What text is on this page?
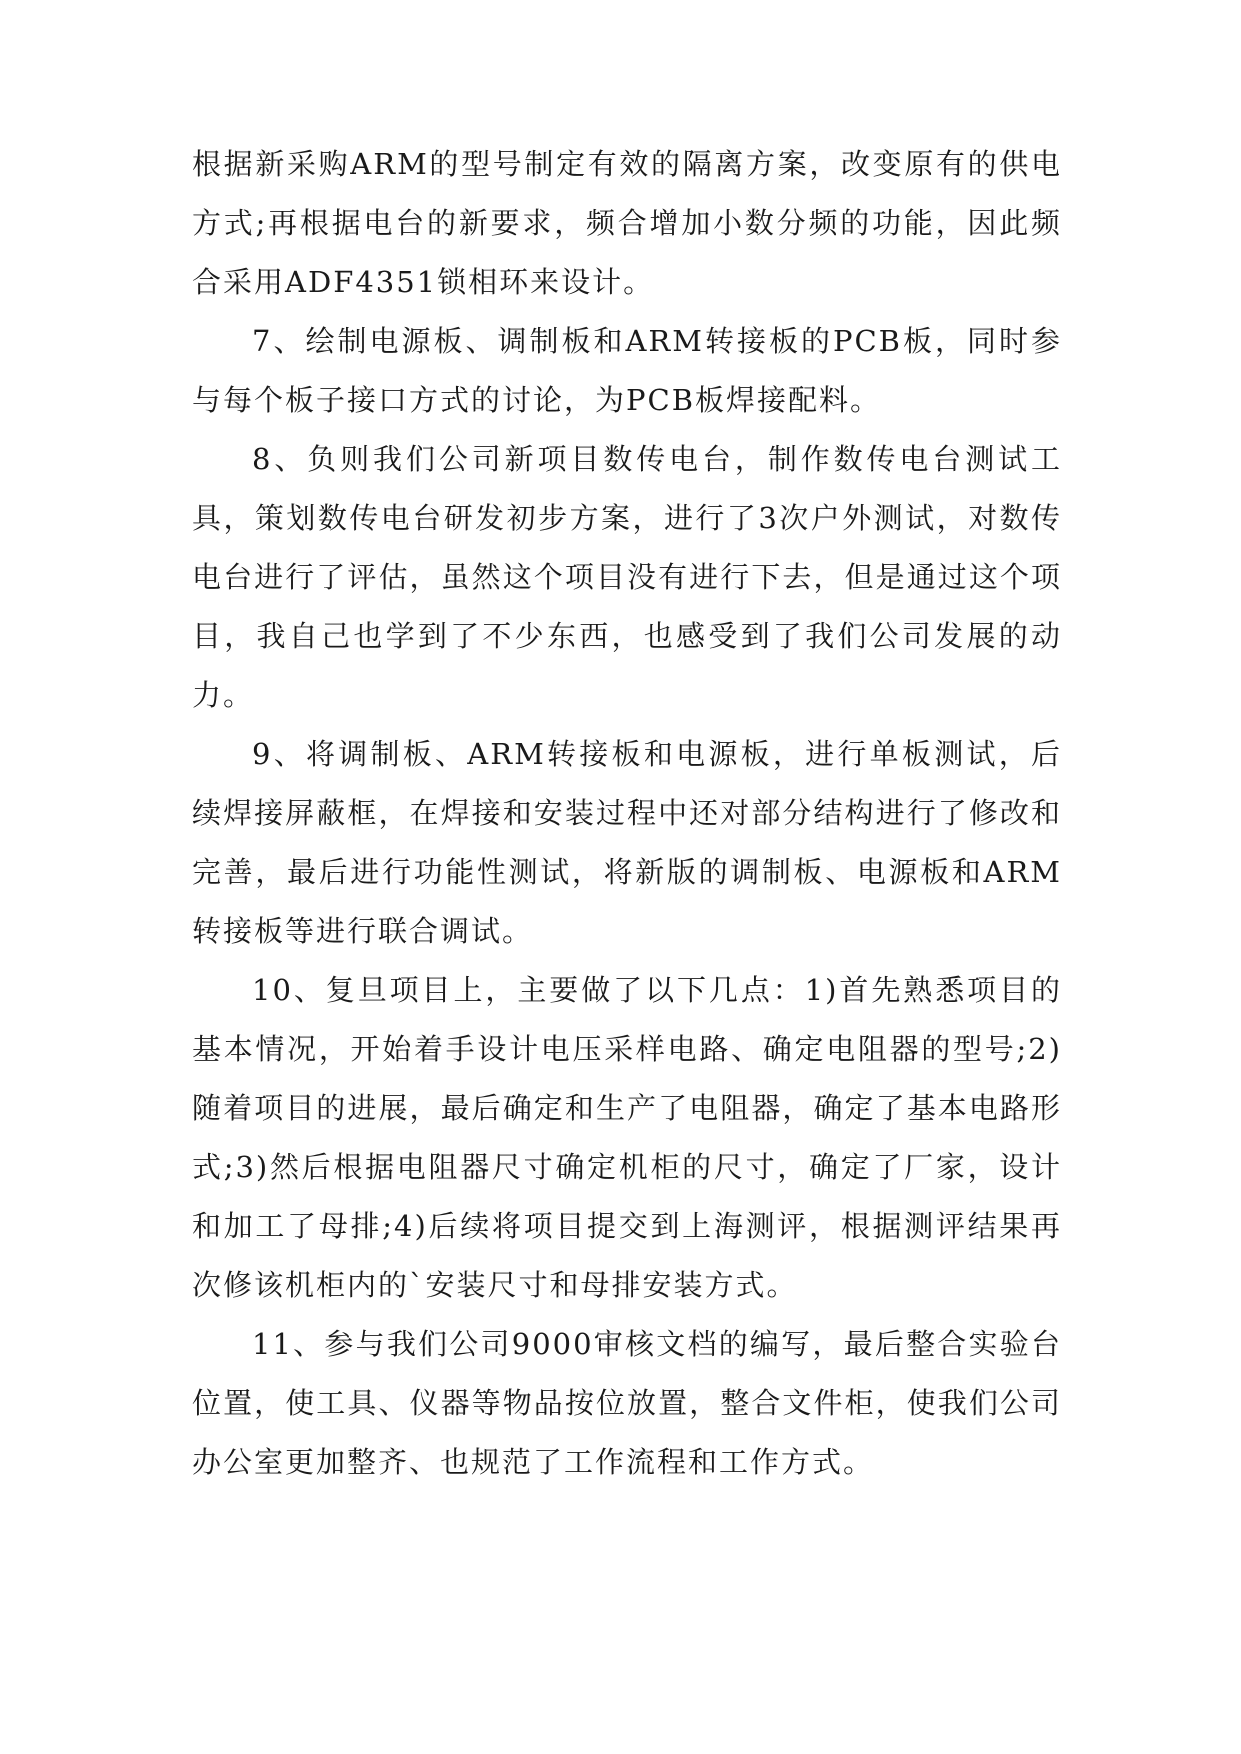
根据新采购ARM的型号制定有效的隔离方案，改变原有的供电方式;再根据电台的新要求，频合增加小数分频的功能，因此频合采用ADF4351锁相环来设计。

7、绘制电源板、调制板和ARM转接板的PCB板，同时参与每个板子接口方式的讨论，为PCB板焊接配料。

8、负则我们公司新项目数传电台，制作数传电台测试工具，策划数传电台研发初步方案，进行了3次户外测试，对数传电台进行了评估，虽然这个项目没有进行下去，但是通过这个项目，我自己也学到了不少东西，也感受到了我们公司发展的动力。

9、将调制板、ARM转接板和电源板，进行单板测试，后续焊接屏蔽框，在焊接和安装过程中还对部分结构进行了修改和完善，最后进行功能性测试，将新版的调制板、电源板和ARM转接板等进行联合调试。

10、复旦项目上，主要做了以下几点：1)首先熟悉项目的基本情况，开始着手设计电压采样电路、确定电阻器的型号;2)随着项目的进展，最后确定和生产了电阻器，确定了基本电路形式;3)然后根据电阻器尺寸确定机柜的尺寸，确定了厂家，设计和加工了母排;4)后续将项目提交到上海测评，根据测评结果再次修该机柜内的`安装尺寸和母排安装方式。

11、参与我们公司9000审核文档的编写，最后整合实验台位置，使工具、仪器等物品按位放置，整合文件柜，使我们公司办公室更加整齐、也规范了工作流程和工作方式。
